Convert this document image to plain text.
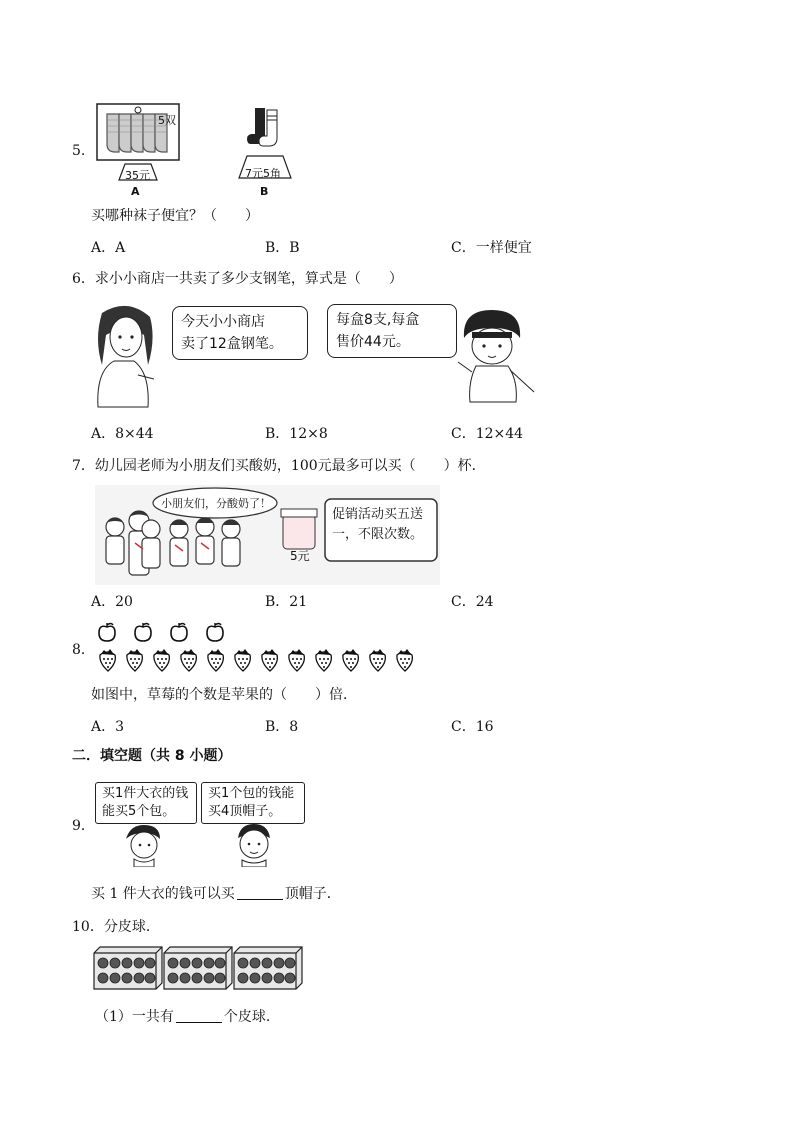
5.
5双
35元
A
7元5角
B
买哪种袜子便宜？（　　）
A．A	B．B	C．一样便宜
6．求小小商店一共卖了多少支钢笔，算式是（　　）
今天小小商店
卖了12盒钢笔。
每盒8支,每盒
售价44元。
A．8×44	B．12×8	C．12×44
7．幼儿园老师为小朋友们买酸奶，100元最多可以买（　　）杯．
小朋友们，分酸奶了！
5元
促销活动买五送
一，不限次数。
A．20	B．21	C．24
8．
如图中，草莓的个数是苹果的（　　）倍．
A．3	B．8	C．16
二．填空题（共 8 小题）
9．
买1件大衣的钱
能买5个包。
买1个包的钱能
买4顶帽子。
买 1 件大衣的钱可以买	顶帽子．
10．分皮球．
（1）一共有	个皮球．
